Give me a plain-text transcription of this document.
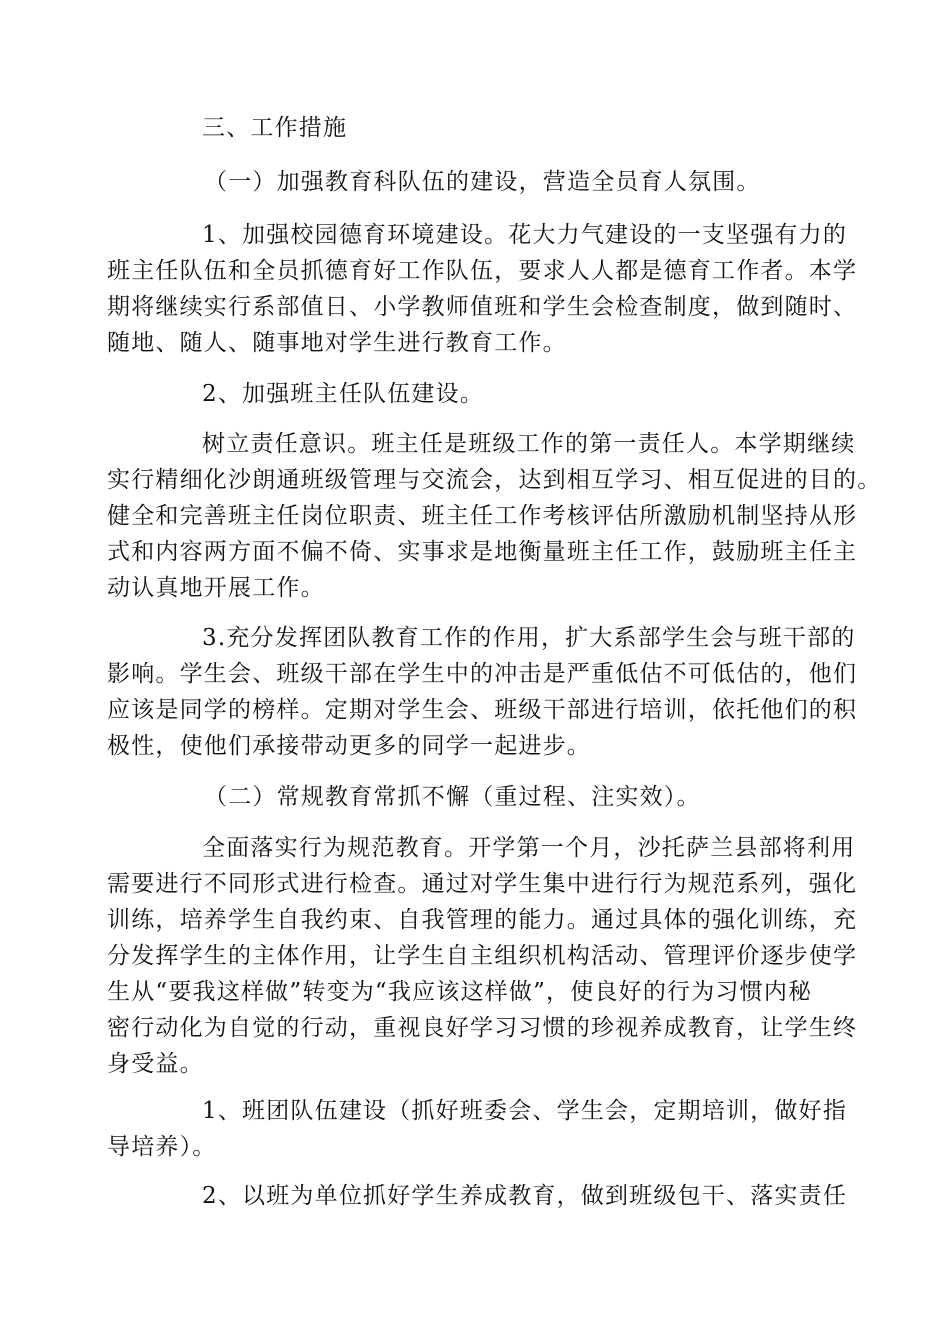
三、工作措施
（一）加强教育科队伍的建设，营造全员育人氛围。
1、加强校园德育环境建设。花大力气建设的一支坚强有力的
班主任队伍和全员抓德育好工作队伍，要求人人都是德育工作者。本学
期将继续实行系部值日、小学教师值班和学生会检查制度，做到随时、
随地、随人、随事地对学生进行教育工作。
2、加强班主任队伍建设。
树立责任意识。班主任是班级工作的第一责任人。本学期继续
实行精细化沙朗通班级管理与交流会，达到相互学习、相互促进的目的。
健全和完善班主任岗位职责、班主任工作考核评估所激励机制坚持从形
式和内容两方面不偏不倚、实事求是地衡量班主任工作，鼓励班主任主
动认真地开展工作。
3.充分发挥团队教育工作的作用，扩大系部学生会与班干部的
影响。学生会、班级干部在学生中的冲击是严重低估不可低估的，他们
应该是同学的榜样。定期对学生会、班级干部进行培训，依托他们的积
极性，使他们承接带动更多的同学一起进步。
（二）常规教育常抓不懈（重过程、注实效）。
全面落实行为规范教育。开学第一个月，沙托萨兰县部将利用
需要进行不同形式进行检查。通过对学生集中进行行为规范系列，强化
训练，培养学生自我约束、自我管理的能力。通过具体的强化训练，充
分发挥学生的主体作用，让学生自主组织机构活动、管理评价逐步使学
生从“要我这样做”转变为“我应该这样做”，使良好的行为习惯内秘
密行动化为自觉的行动，重视良好学习习惯的珍视养成教育，让学生终
身受益。
1、班团队伍建设（抓好班委会、学生会，定期培训，做好指
导培养）。
2、以班为单位抓好学生养成教育，做到班级包干、落实责任
